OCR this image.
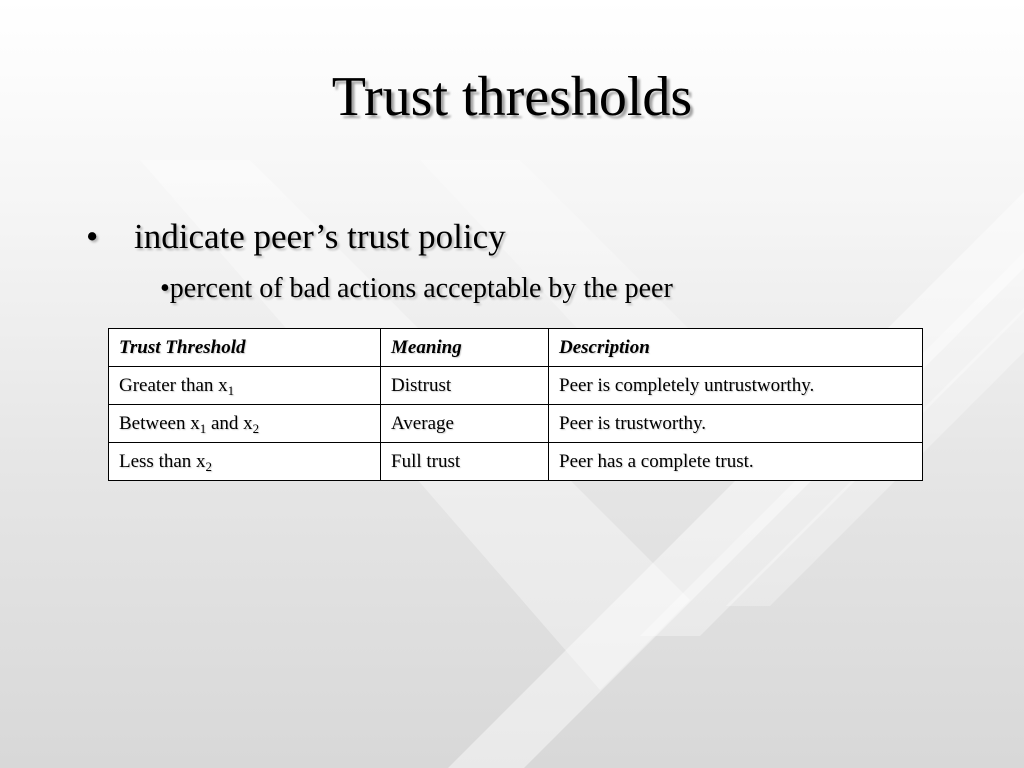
Trust thresholds
• indicate peer’s trust policy
•percent of bad actions acceptable by the peer
Trust Threshold	Meaning	Description
Greater than $x_1$	Distrust	Peer is completely untrustworthy.
Between $x_1$ and $x_2$	Average	Peer is trustworthy.
Less than $x_2$	Full trust	Peer has a complete trust.
